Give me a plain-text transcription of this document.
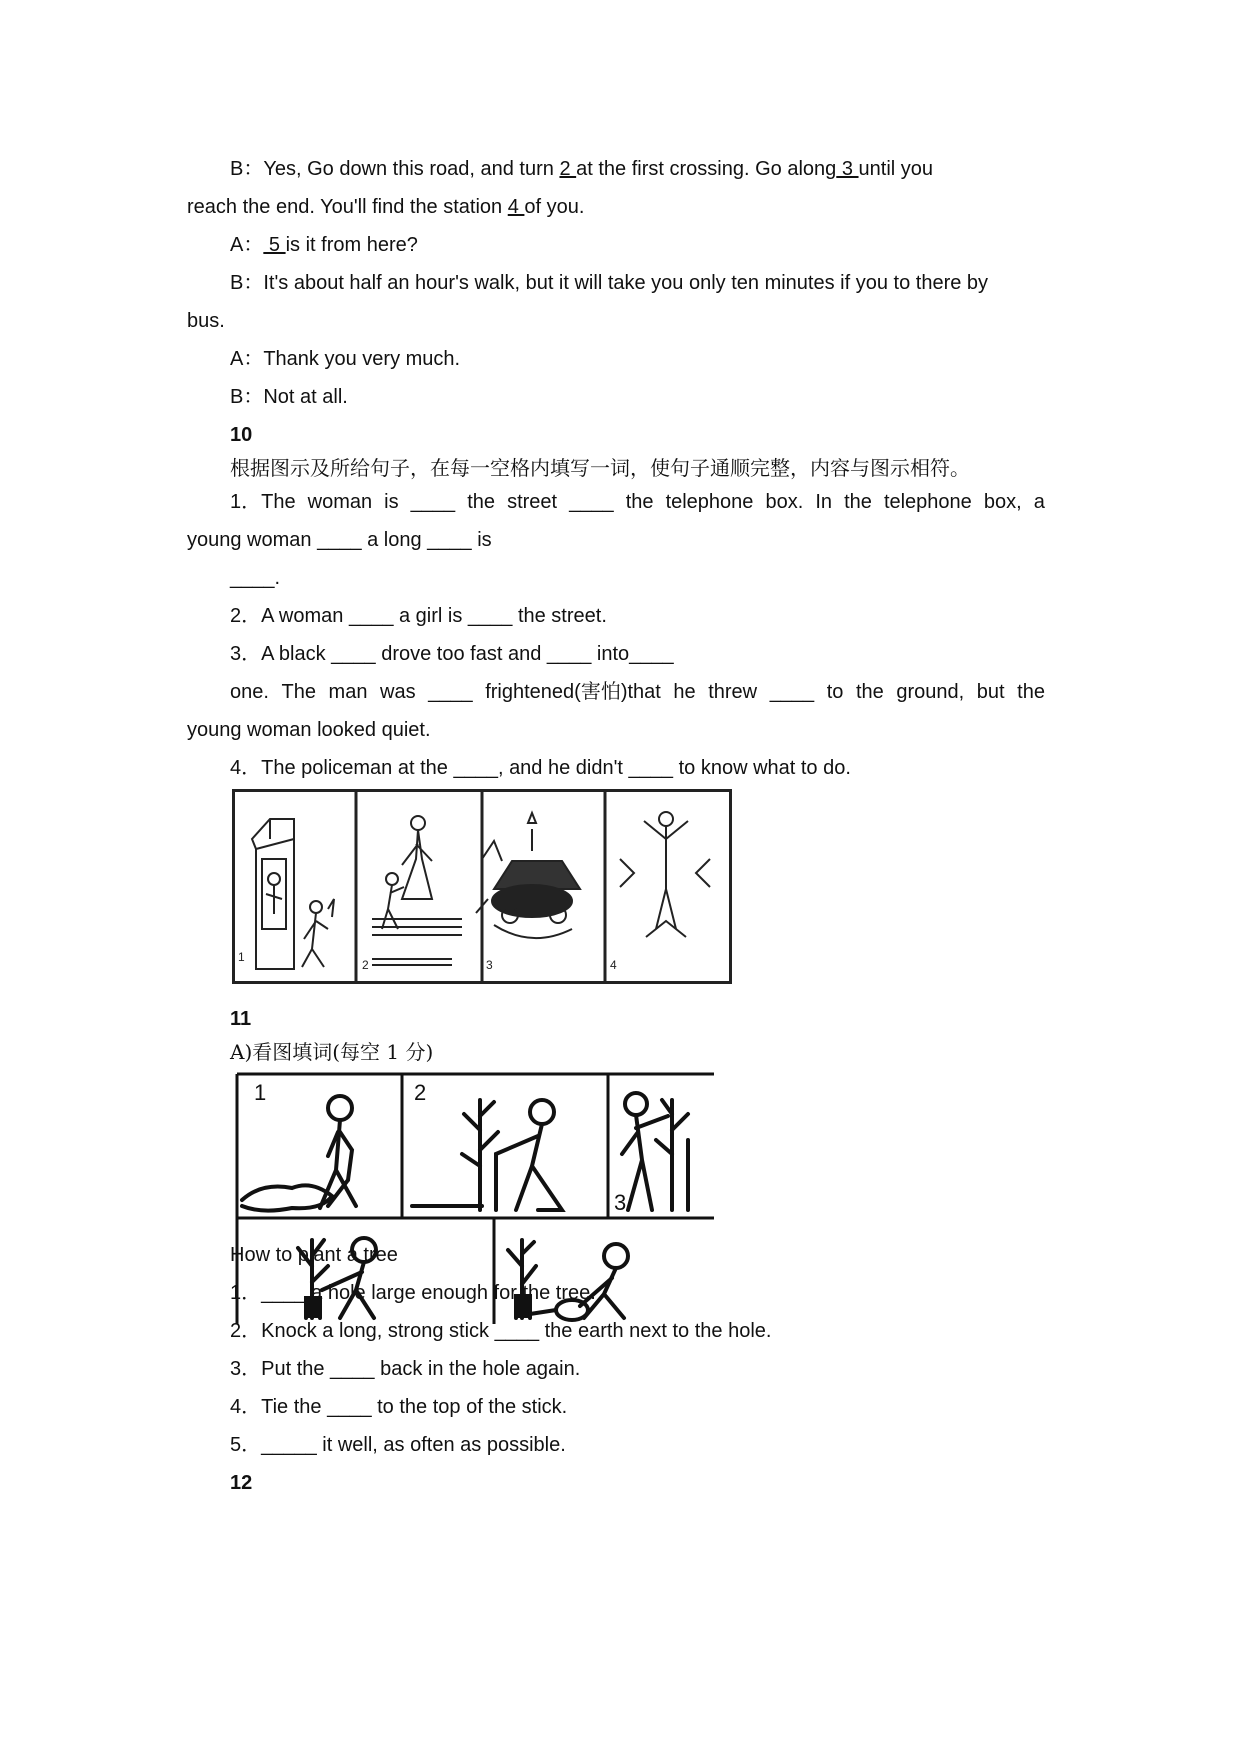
B：Yes, Go down this road, and turn 2 at the first crossing. Go along 3 until you
reach the end. You'll find the station 4 of you.
A： 5 is it from here?
B：It's about half an hour's walk, but it will take you only ten minutes if you to there by
bus.
A：Thank you very much.
B：Not at all.
10
根据图示及所给句子，在每一空格内填写一词，使句子通顺完整，内容与图示相符。
1．The woman is ____ the street ____ the telephone box. In the telephone box, a
young woman ____ a long ____ is
____.
2．A woman ____ a girl is ____ the street.
3．A black ____ drove too fast and ____ into____
one. The man was ____ frightened(害怕)that he threw ____ to the ground, but the
young woman looked quiet.
4．The policeman at the ____, and he didn't ____ to know what to do.
1
2	3	4
11
A)看图填词(每空 1 分)
1	2
3
How to plant a tree
1．____ a hole large enough for the tree.
2．Knock a long, strong stick ____ the earth next to the hole.
3．Put the ____ back in the hole again.
4．Tie the ____ to the top of the stick.
5．_____ it well, as often as possible.
12
